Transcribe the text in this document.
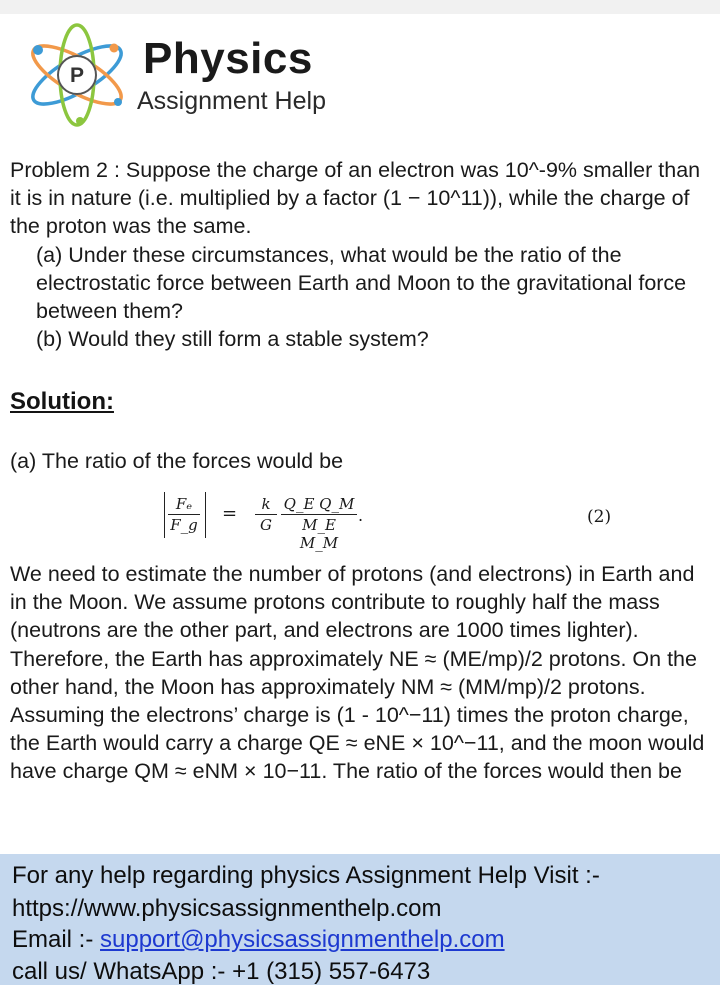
P Physics
Assignment Help

Problem 2 : Suppose the charge of an electron was 10^-9% smaller than it is in nature (i.e. multiplied by a factor (1 − 10^11)), while the charge of the proton was the same.

(a) Under these circumstances, what would be the ratio of the electrostatic force between Earth and Moon to the gravitational force between them?

(b) Would they still form a stable system?

Solution:
(a) The ratio of the forces would be
Fₑ
F_g
=	k
G
Q_E Q_M
M_E M_M
.	(2)
We need to estimate the number of protons (and electrons) in Earth and in the Moon. We assume protons contribute to roughly half the mass (neutrons are the other part, and electrons are 1000 times lighter). Therefore, the Earth has approximately NE ≈ (ME/mp)/2 protons. On the other hand, the Moon has approximately NM ≈ (MM/mp)/2 protons. Assuming the electrons’ charge is (1 - 10^−11) times the proton charge, the Earth would carry a charge QE ≈ eNE × 10^−11, and the moon would have charge QM ≈ eNM × 10−11. The ratio of the forces would then be

For any help regarding physics Assignment Help Visit :-

https://www.physicsassignmenthelp.com

Email :- support@physicsassignmenthelp.com

call us/ WhatsApp :- +1 (315) 557-6473
